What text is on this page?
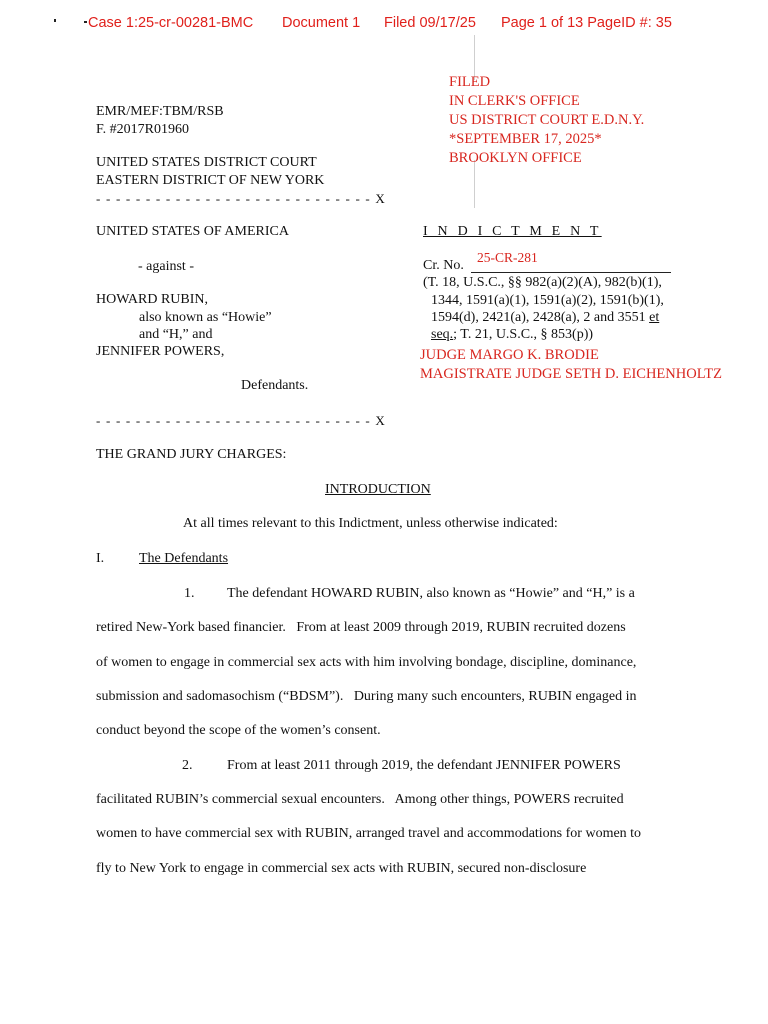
Case 1:25-cr-00281-BMC Document 1 Filed 09/17/25 Page 1 of 13 PageID #: 35
FILED
IN CLERK'S OFFICE
US DISTRICT COURT E.D.N.Y.
*SEPTEMBER 17, 2025*
BROOKLYN OFFICE
EMR/MEF:TBM/RSB
F. #2017R01960
UNITED STATES DISTRICT COURT
EASTERN DISTRICT OF NEW YORK
- - - - - - - - - - - - - - - - - - - - - - - - - - - - X
UNITED STATES OF AMERICA
- against -
HOWARD RUBIN,
also known as “Howie”
and “H,” and
JENNIFER POWERS,
Defendants.
- - - - - - - - - - - - - - - - - - - - - - - - - - - - X
I N D I C T M E N T
25-CR-281
Cr. No.
(T. 18, U.S.C., §§ 982(a)(2)(A), 982(b)(1),
1344, 1591(a)(1), 1591(a)(2), 1591(b)(1),
1594(d), 2421(a), 2428(a), 2 and 3551 et
seq.; T. 21, U.S.C., § 853(p))
JUDGE MARGO K. BRODIE
MAGISTRATE JUDGE SETH D. EICHENHOLTZ
THE GRAND JURY CHARGES:
INTRODUCTION
At all times relevant to this Indictment, unless otherwise indicated:
I. The Defendants
1. The defendant HOWARD RUBIN, also known as “Howie” and “H,” is a
retired New-York based financier.   From at least 2009 through 2019, RUBIN recruited dozens
of women to engage in commercial sex acts with him involving bondage, discipline, dominance,
submission and sadomasochism (“BDSM”).   During many such encounters, RUBIN engaged in
conduct beyond the scope of the women’s consent.
2. From at least 2011 through 2019, the defendant JENNIFER POWERS
facilitated RUBIN’s commercial sexual encounters.   Among other things, POWERS recruited
women to have commercial sex with RUBIN, arranged travel and accommodations for women to
fly to New York to engage in commercial sex acts with RUBIN, secured non-disclosure
